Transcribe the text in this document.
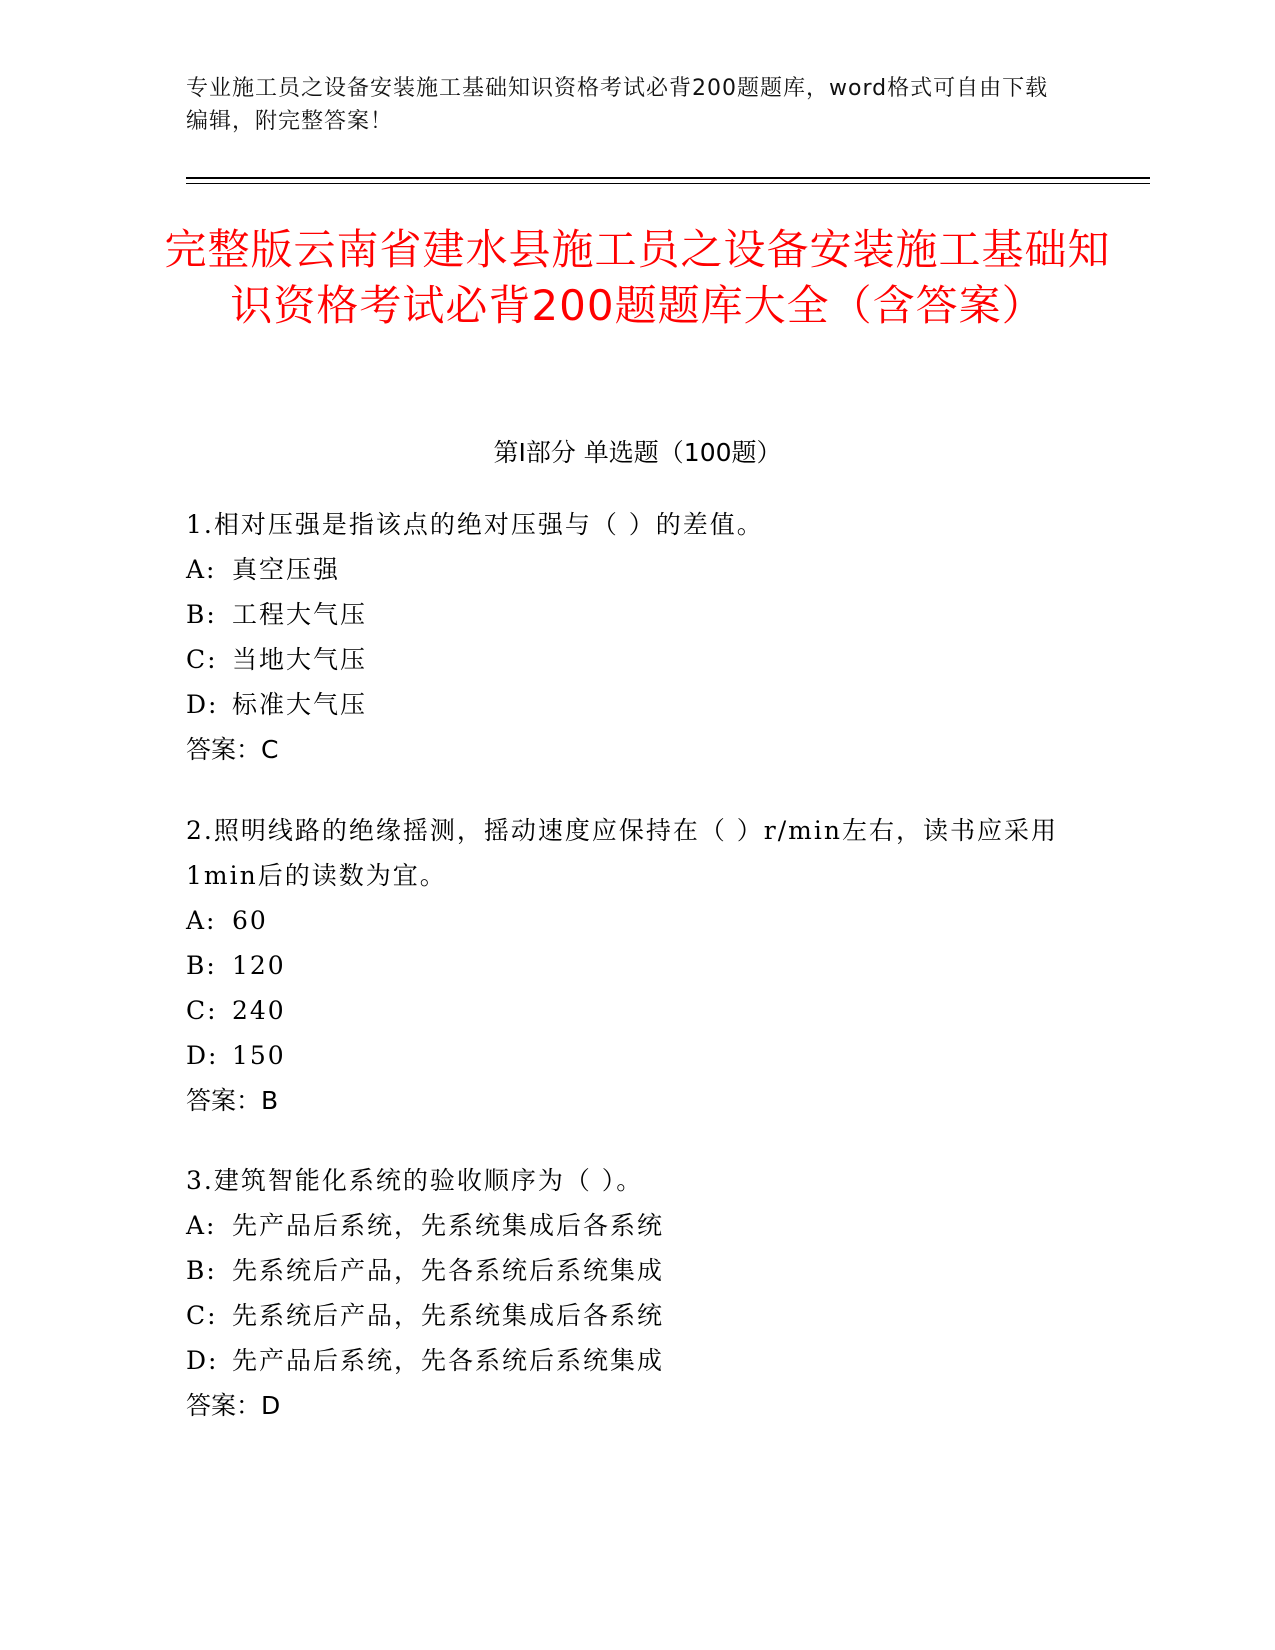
专业施工员之设备安装施工基础知识资格考试必背200题题库，word格式可自由下载编辑，附完整答案！
完整版云南省建水县施工员之设备安装施工基础知识资格考试必背200题题库大全（含答案）
第I部分 单选题（100题）

1.相对压强是指该点的绝对压强与（ ）的差值。

A: 真空压强

B: 工程大气压

C: 当地大气压

D: 标准大气压

答案：C

2.照明线路的绝缘摇测，摇动速度应保持在（ ）r/min左右，读书应采用1min后的读数为宜。

A: 60

B: 120

C: 240

D: 150

答案：B

3.建筑智能化系统的验收顺序为（ ）。

A: 先产品后系统，先系统集成后各系统

B: 先系统后产品，先各系统后系统集成

C: 先系统后产品，先系统集成后各系统

D: 先产品后系统，先各系统后系统集成

答案：D
